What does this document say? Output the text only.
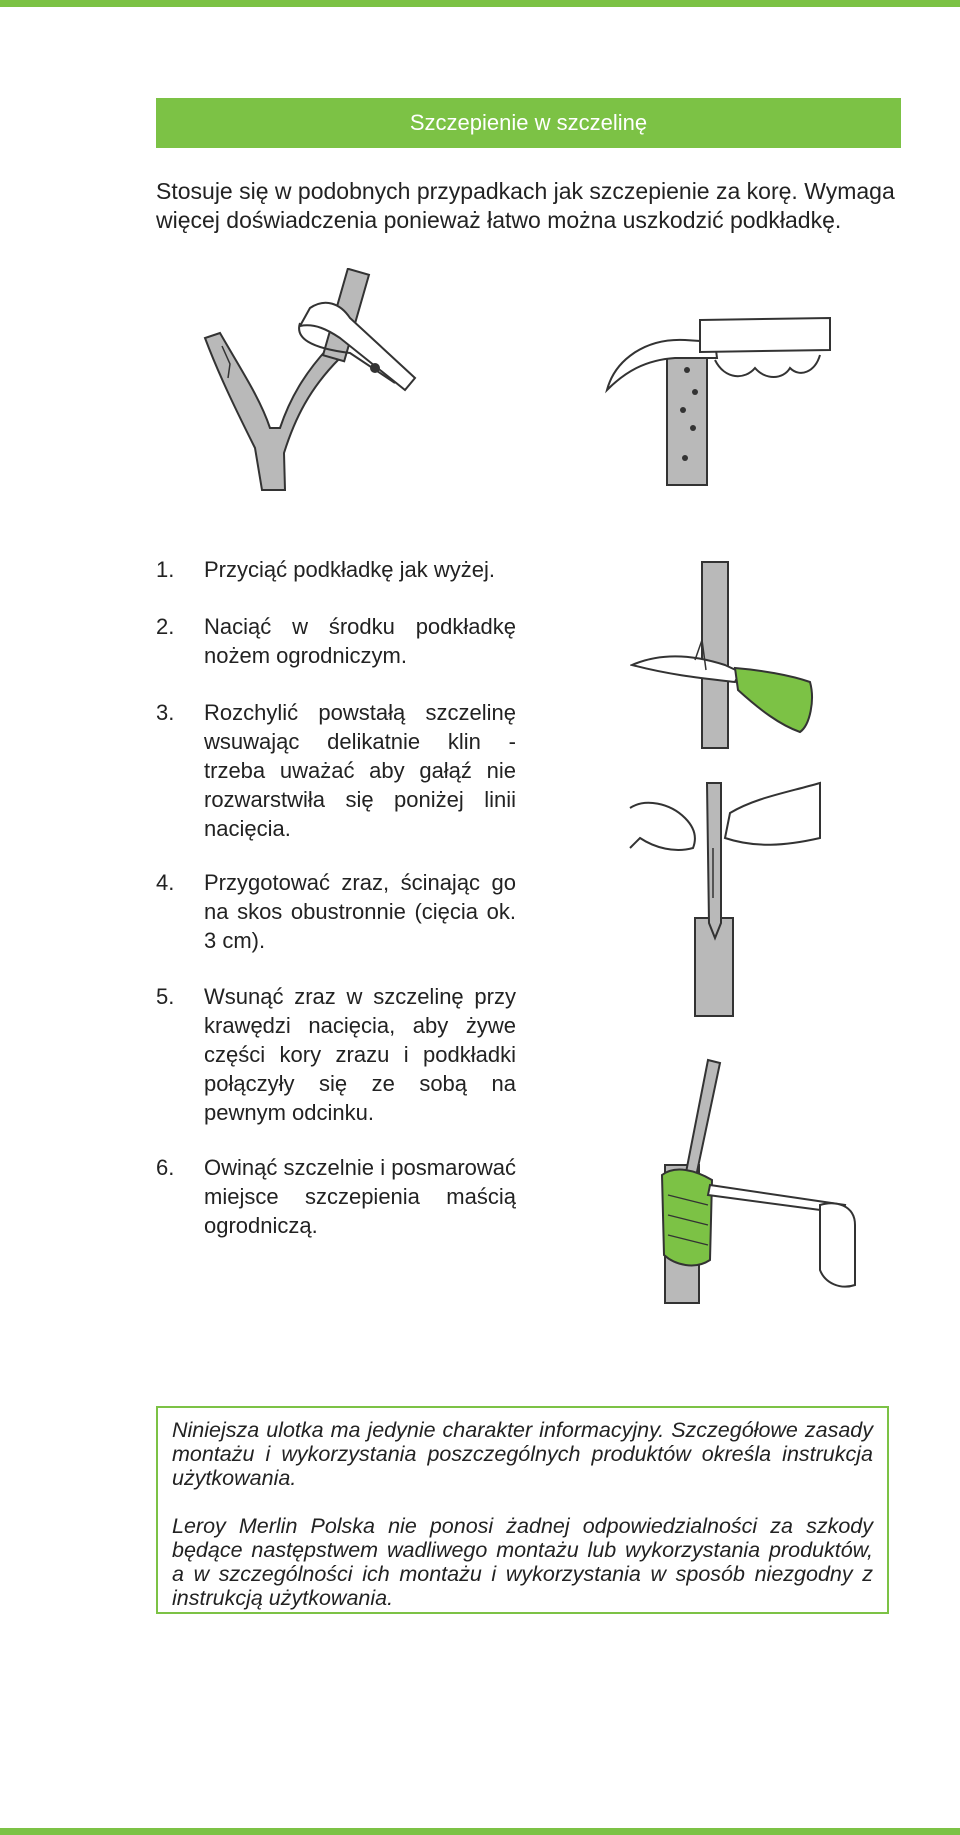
Szczepienie w szczelinę

Stosuje się w podobnych przypadkach jak szczepienie za korę. Wymaga więcej doświadczenia ponieważ łatwo można uszkodzić podkładkę.

1.	Przyciąć podkładkę jak wyżej.
2.	Naciąć w środku podkładkę nożem ogrodniczym.
3.	Rozchylić powstałą szczelinę wsuwając delikatnie klin - trzeba uważać aby gałąź nie rozwarstwiła się poniżej linii nacięcia.
4.	Przygotować zraz, ścinając go na skos obustronnie (cięcia ok. 3 cm).
5.	Wsunąć zraz w szczelinę przy krawędzi nacięcia, aby żywe części kory zrazu i podkładki połączyły się ze sobą na pewnym odcinku.
6.	Owinąć szczelnie i posmarować miejsce szczepienia maścią ogrodniczą.

Niniejsza ulotka ma jedynie charakter informacyjny. Szczegółowe zasady montażu i wykorzystania poszczególnych produktów określa instrukcja użytkowania.

Leroy Merlin Polska nie ponosi żadnej odpowiedzialności za szkody będące następstwem wadliwego montażu lub wykorzystania produktów, a w szczególności ich montażu i wykorzystania w sposób niezgodny z instrukcją użytkowania.
